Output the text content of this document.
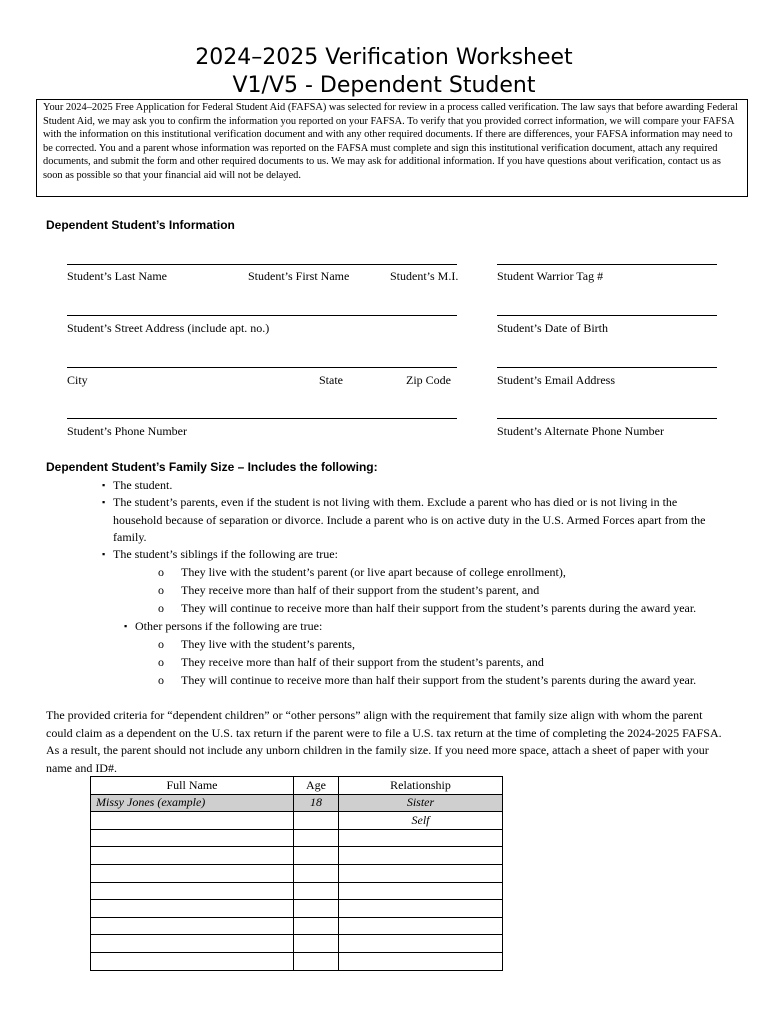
2024–2025 Verification Worksheet
V1/V5 - Dependent Student
Your 2024–2025 Free Application for Federal Student Aid (FAFSA) was selected for review in a process called verification. The law says that before awarding Federal Student Aid, we may ask you to confirm the information you reported on your FAFSA. To verify that you provided correct information, we will compare your FAFSA with the information on this institutional verification document and with any other required documents. If there are differences, your FAFSA information may need to be corrected. You and a parent whose information was reported on the FAFSA must complete and sign this institutional verification document, attach any required documents, and submit the form and other required documents to us. We may ask for additional information. If you have questions about verification, contact us as soon as possible so that your financial aid will not be delayed.
Dependent Student’s Information
Student’s Last Name	Student’s First Name	Student’s M.I.	Student Warrior Tag #
Student’s Street Address (include apt. no.)	Student’s Date of Birth
City	State	Zip Code	Student’s Email Address
Student’s Phone Number	Student’s Alternate Phone Number
Dependent Student’s Family Size – Includes the following:
▪ The student.
▪ The student’s parents, even if the student is not living with them. Exclude a parent who has died or is not living in the household because of separation or divorce. Include a parent who is on active duty in the U.S. Armed Forces apart from the family.
▪ The student’s siblings if the following are true:
o They live with the student’s parent (or live apart because of college enrollment),
o They receive more than half of their support from the student’s parent, and
o They will continue to receive more than half their support from the student’s parents during the award year.
▪ Other persons if the following are true:
o They live with the student’s parents,
o They receive more than half of their support from the student’s parents, and
o They will continue to receive more than half their support from the student’s parents during the award year.
The provided criteria for “dependent children” or “other persons” align with the requirement that family size align with whom the parent could claim as a dependent on the U.S. tax return if the parent were to file a U.S. tax return at the time of completing the 2024-2025 FAFSA. As a result, the parent should not include any unborn children in the family size. If you need more space, attach a sheet of paper with your name and ID#.
Full Name	Age	Relationship
Missy Jones (example)	18	Sister
		Self
